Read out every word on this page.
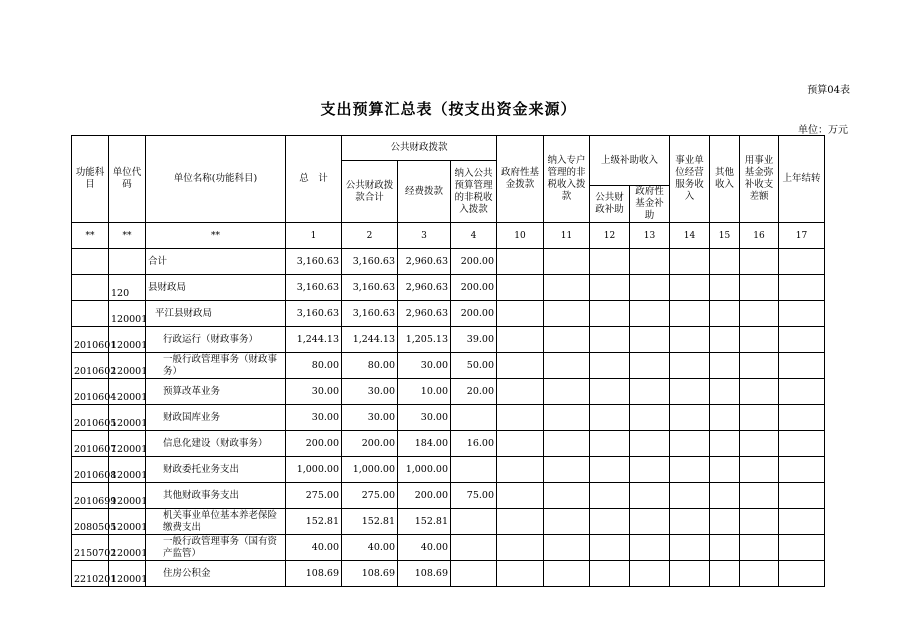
预算04表
支出预算汇总表（按支出资金来源）
单位：万元
功能科目	单位代码	单位名称(功能科目)	总　计	公共财政拨款			政府性基金拨款	纳入专户管理的非税收入拨款	上级补助收入		事业单位经营服务收入	其他收入	用事业基金弥补收支差额	上年结转
				公共财政拨款合计	经费拨款	纳入公共预算管理的非税收入拨款								
									公共财政补助	政府性基金补助				
**	**	**	1	2	3	4	10	11	12	13	14	15	16	17
		合计	3,160.63	3,160.63	2,960.63	200.00								
	120	县财政局	3,160.63	3,160.63	2,960.63	200.00								
	120001	平江县财政局	3,160.63	3,160.63	2,960.63	200.00								
2010601	120001	行政运行（财政事务）	1,244.13	1,244.13	1,205.13	39.00								
2010602	120001	一般行政管理事务（财政事务）	80.00	80.00	30.00	50.00								
2010604	120001	预算改革业务	30.00	30.00	10.00	20.00								
2010605	120001	财政国库业务	30.00	30.00	30.00									
2010607	120001	信息化建设（财政事务）	200.00	200.00	184.00	16.00								
2010608	120001	财政委托业务支出	1,000.00	1,000.00	1,000.00									
2010699	120001	其他财政事务支出	275.00	275.00	200.00	75.00								
2080505	120001	机关事业单位基本养老保险缴费支出	152.81	152.81	152.81									
2150702	120001	一般行政管理事务（国有资产监管）	40.00	40.00	40.00									
2210201	120001	住房公积金	108.69	108.69	108.69									
